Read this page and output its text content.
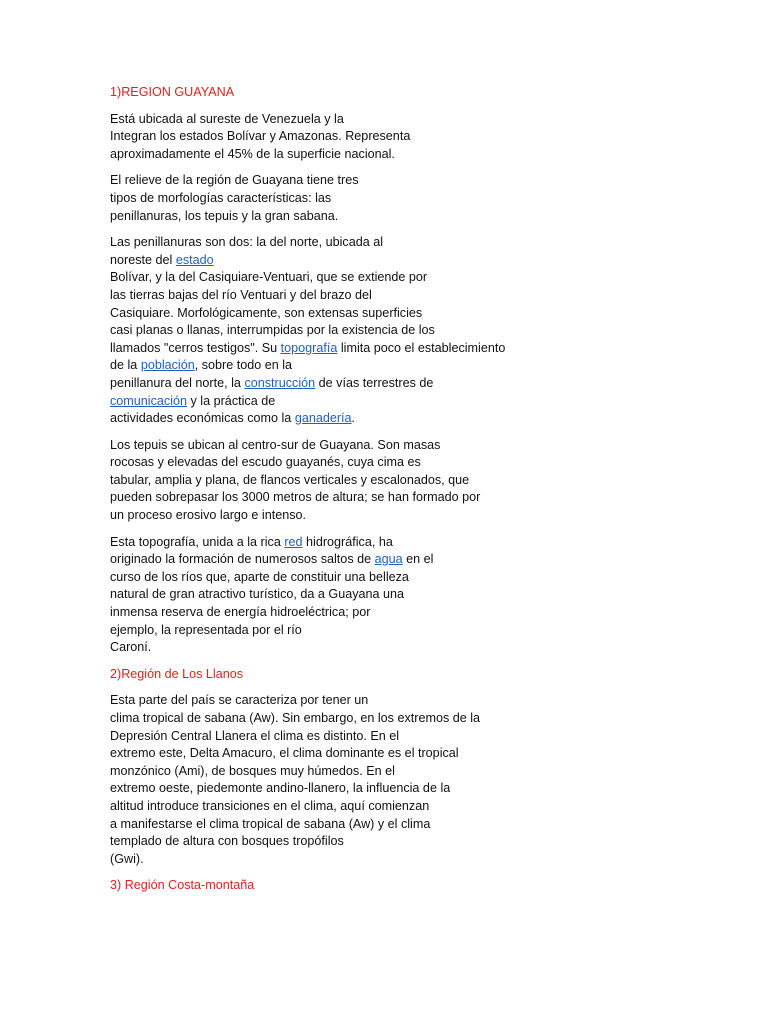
1)REGION GUAYANA
Está ubicada al sureste de Venezuela y la
Integran los estados Bolívar y Amazonas. Representa
aproximadamente el 45% de la superficie nacional.
El relieve de la región de Guayana tiene tres
tipos de morfologías características: las
penillanuras, los tepuis y la gran sabana.
Las penillanuras son dos: la del norte, ubicada al
noreste del estado
Bolívar, y la del Casiquiare-Ventuari, que se extiende por
las tierras bajas del río Ventuari y del brazo del
Casiquiare. Morfológicamente, son extensas superficies
casi planas o llanas, interrumpidas por la existencia de los
llamados "cerros testigos". Su topografía limita poco el establecimiento
de la población, sobre todo en la
penillanura del norte, la construcción de vías terrestres de
comunicación y la práctica de
actividades económicas como la ganadería.
Los tepuis se ubican al centro-sur de Guayana. Son masas
rocosas y elevadas del escudo guayanés, cuya cima es
tabular, amplia y plana, de flancos verticales y escalonados, que
pueden sobrepasar los 3000 metros de altura; se han formado por
un proceso erosivo largo e intenso.
Esta topografía, unida a la rica red hidrográfica, ha
originado la formación de numerosos saltos de agua en el
curso de los ríos que, aparte de constituir una belleza
natural de gran atractivo turístico, da a Guayana una
inmensa reserva de energía hidroeléctrica; por
ejemplo, la representada por el río
Caroní.
2)Región de Los Llanos
Esta parte del país se caracteriza por tener un
clima tropical de sabana (Aw). Sin embargo, en los extremos de la
Depresión Central Llanera el clima es distinto. En el
extremo este, Delta Amacuro, el clima dominante es el tropical
monzónico (Ami), de bosques muy húmedos. En el
extremo oeste, piedemonte andino-llanero, la influencia de la
altitud introduce transiciones en el clima, aquí comienzan
a manifestarse el clima tropical de sabana (Aw) y el clima
templado de altura con bosques tropófilos
(Gwi).
3) Región Costa-montaña
